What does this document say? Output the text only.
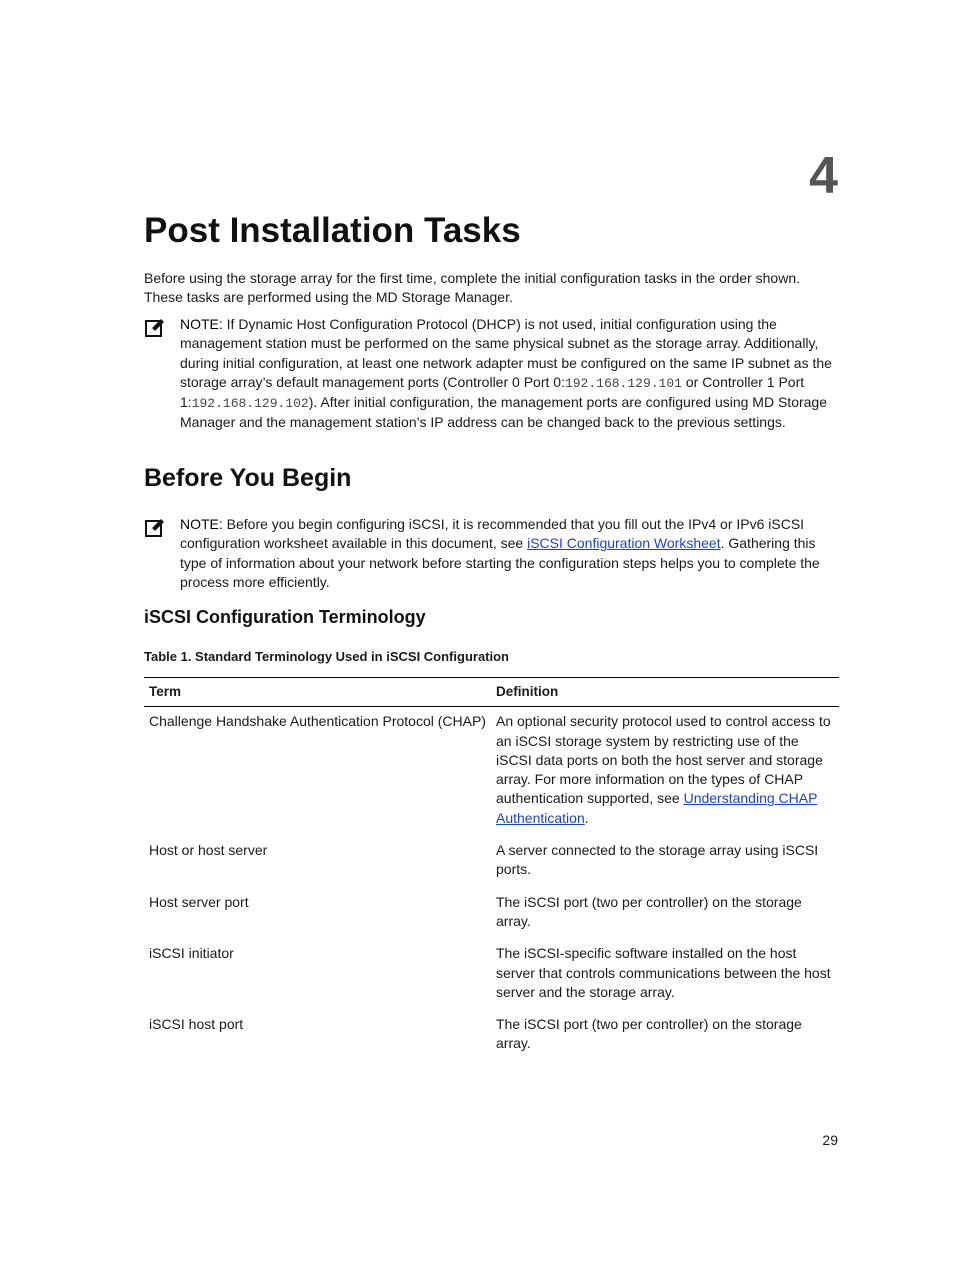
4
Post Installation Tasks

Before using the storage array for the first time, complete the initial configuration tasks in the order shown. These tasks are performed using the MD Storage Manager.

NOTE: If Dynamic Host Configuration Protocol (DHCP) is not used, initial configuration using the management station must be performed on the same physical subnet as the storage array. Additionally, during initial configuration, at least one network adapter must be configured on the same IP subnet as the storage array’s default management ports (Controller 0 Port 0:192.168.129.101 or Controller 1 Port 1:192.168.129.102). After initial configuration, the management ports are configured using MD Storage Manager and the management station’s IP address can be changed back to the previous settings.

Before You Begin

NOTE: Before you begin configuring iSCSI, it is recommended that you fill out the IPv4 or IPv6 iSCSI configuration worksheet available in this document, see iSCSI Configuration Worksheet. Gathering this type of information about your network before starting the configuration steps helps you to complete the process more efficiently.

iSCSI Configuration Terminology

Table 1. Standard Terminology Used in iSCSI Configuration

Term	Definition
Challenge Handshake Authentication Protocol (CHAP)	An optional security protocol used to control access to an iSCSI storage system by restricting use of the iSCSI data ports on both the host server and storage array. For more information on the types of CHAP authentication supported, see Understanding CHAP Authentication.
Host or host server	A server connected to the storage array using iSCSI ports.
Host server port	The iSCSI port (two per controller) on the storage array.
iSCSI initiator	The iSCSI-specific software installed on the host server that controls communications between the host server and the storage array.
iSCSI host port	The iSCSI port (two per controller) on the storage array.
29
